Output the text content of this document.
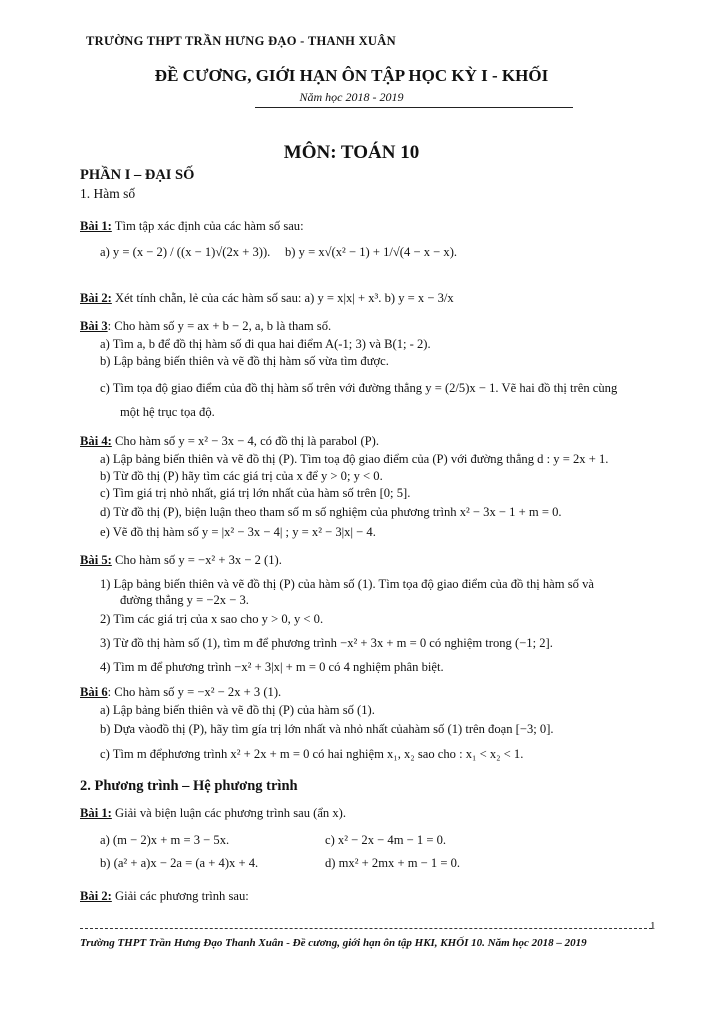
TRƯỜNG THPT TRẦN HƯNG ĐẠO - THANH XUÂN
ĐỀ CƯƠNG, GIỚI HẠN ÔN TẬP HỌC KỲ I - KHỐI
Năm học 2018 - 2019
MÔN: TOÁN 10
PHẦN I – ĐẠI SỐ
1. Hàm số
Bài 1: Tìm tập xác định của các hàm số sau:
a) y = (x − 2) / ((x − 1)√(2x + 3)). b) y = x√(x² − 1) + 1/√(4 − x − x).
Bài 2: Xét tính chẵn, lẻ của các hàm số sau: a) y = x|x| + x³. b) y = x − 3/x
Bài 3: Cho hàm số y = ax + b − 2, a, b là tham số.
a) Tìm a, b để đồ thị hàm số đi qua hai điểm A(-1; 3) và B(1; - 2).
b) Lập bảng biến thiên và vẽ đồ thị hàm số vừa tìm được.
c) Tìm tọa độ giao điểm của đồ thị hàm số trên với đường thẳng y = (2/5)x − 1. Vẽ hai đồ thị trên cùng
một hệ trục tọa độ.
Bài 4: Cho hàm số y = x² − 3x − 4, có đồ thị là parabol (P).
a) Lập bảng biến thiên và vẽ đồ thị (P). Tìm toạ độ giao điểm của (P) với đường thẳng d : y = 2x + 1.
b) Từ đồ thị (P) hãy tìm các giá trị của x để y > 0; y < 0.
c) Tìm giá trị nhỏ nhất, giá trị lớn nhất của hàm số trên [0; 5].
d) Từ đồ thị (P), biện luận theo tham số m số nghiệm của phương trình x² − 3x − 1 + m = 0.
e) Vẽ đồ thị hàm số y = |x² − 3x − 4| ; y = x² − 3|x| − 4.
Bài 5: Cho hàm số y = −x² + 3x − 2 (1).
1) Lập bảng biến thiên và vẽ đồ thị (P) của hàm số (1). Tìm tọa độ giao điểm của đồ thị hàm số và
đường thẳng y = −2x − 3.
2) Tìm các giá trị của x sao cho y > 0, y < 0.
3) Từ đồ thị hàm số (1), tìm m để phương trình −x² + 3x + m = 0 có nghiệm trong (−1; 2].
4) Tìm m để phương trình −x² + 3|x| + m = 0 có 4 nghiệm phân biệt.
Bài 6: Cho hàm số y = −x² − 2x + 3 (1).
a) Lập bảng biến thiên và vẽ đồ thị (P) của hàm số (1).
b) Dựa vàođồ thị (P), hãy tìm gía trị lớn nhất và nhỏ nhất củahàm số (1) trên đoạn [−3; 0].
c) Tìm m đểphương trình x² + 2x + m = 0 có hai nghiệm x₁, x₂ sao cho : x₁ < x₂ < 1.
2. Phương trình – Hệ phương trình
Bài 1: Giải và biện luận các phương trình sau (ẩn x).
a) (m − 2)x + m = 3 − 5x.	c) x² − 2x − 4m − 1 = 0.
b) (a² + a)x − 2a = (a + 4)x + 4.	d) mx² + 2mx + m − 1 = 0.
Bài 2: Giải các phương trình sau:
1
Trường THPT Trần Hưng Đạo Thanh Xuân - Đề cương, giới hạn ôn tập HKI, KHỐI 10. Năm học 2018 – 2019
